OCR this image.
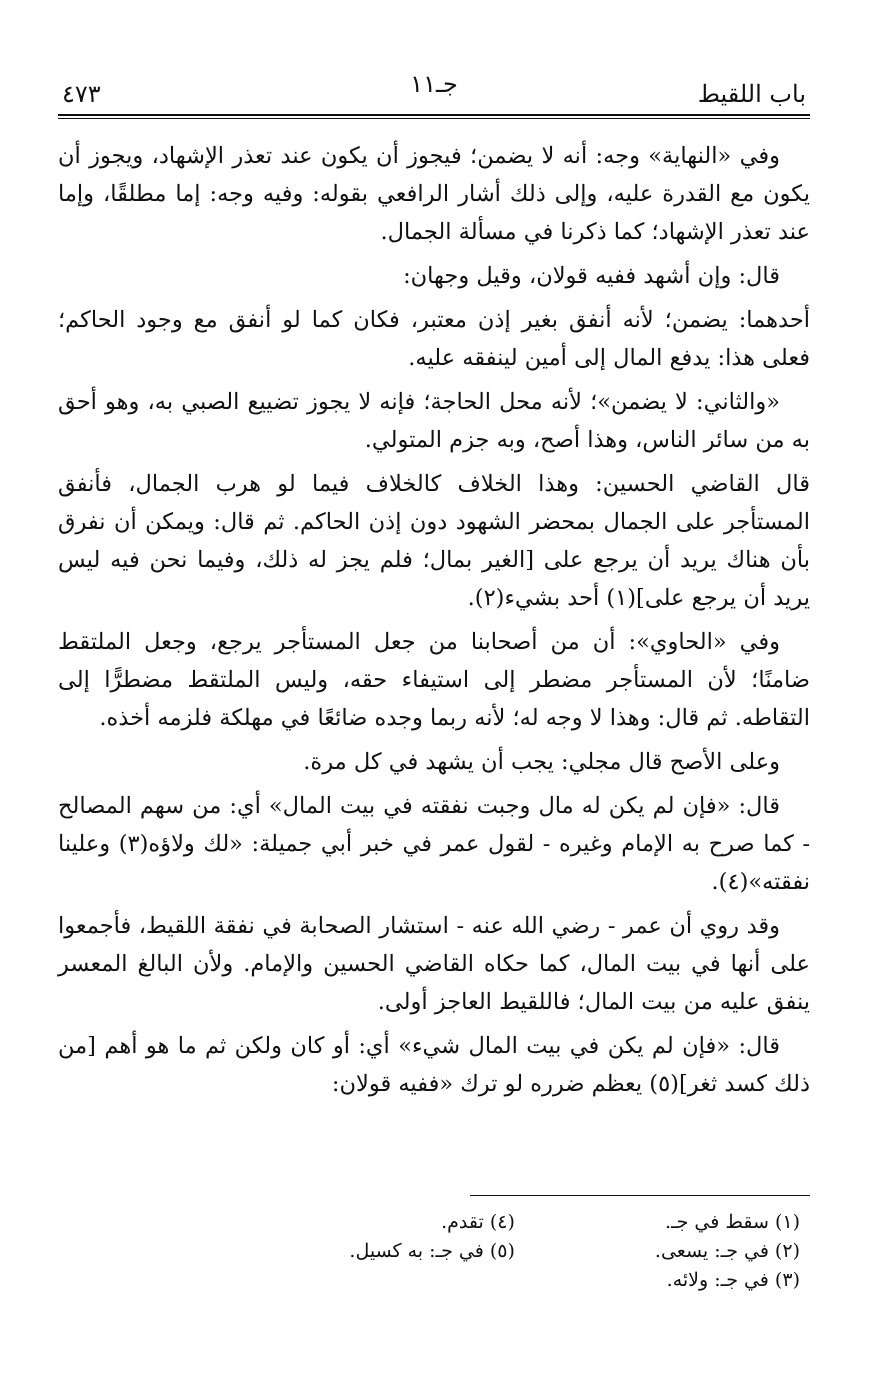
باب اللقيط
جـ١١
٤٧٣

وفي «النهاية» وجه: أنه لا يضمن؛ فيجوز أن يكون عند تعذر الإشهاد، ويجوز أن يكون مع القدرة عليه، وإلى ذلك أشار الرافعي بقوله: وفيه وجه: إما مطلقًا، وإما عند تعذر الإشهاد؛ كما ذكرنا في مسألة الجمال.

قال: وإن أشهد ففيه قولان، وقيل وجهان:

أحدهما: يضمن؛ لأنه أنفق بغير إذن معتبر، فكان كما لو أنفق مع وجود الحاكم؛ فعلى هذا: يدفع المال إلى أمين لينفقه عليه.

«والثاني: لا يضمن»؛ لأنه محل الحاجة؛ فإنه لا يجوز تضييع الصبي به، وهو أحق به من سائر الناس، وهذا أصح، وبه جزم المتولي.

قال القاضي الحسين: وهذا الخلاف كالخلاف فيما لو هرب الجمال، فأنفق المستأجر على الجمال بمحضر الشهود دون إذن الحاكم. ثم قال: ويمكن أن نفرق بأن هناك يريد أن يرجع على [الغير بمال؛ فلم يجز له ذلك، وفيما نحن فيه ليس يريد أن يرجع على](١) أحد بشيء(٢).

وفي «الحاوي»: أن من أصحابنا من جعل المستأجر يرجع، وجعل الملتقط ضامنًا؛ لأن المستأجر مضطر إلى استيفاء حقه، وليس الملتقط مضطرًّا إلى التقاطه. ثم قال: وهذا لا وجه له؛ لأنه ربما وجده ضائعًا في مهلكة فلزمه أخذه.

وعلى الأصح قال مجلي: يجب أن يشهد في كل مرة.

قال: «فإن لم يكن له مال وجبت نفقته في بيت المال» أي: من سهم المصالح - كما صرح به الإمام وغيره - لقول عمر في خبر أبي جميلة: «لك ولاؤه(٣) وعلينا نفقته»(٤).

وقد روي أن عمر - رضي الله عنه - استشار الصحابة في نفقة اللقيط، فأجمعوا على أنها في بيت المال، كما حكاه القاضي الحسين والإمام. ولأن البالغ المعسر ينفق عليه من بيت المال؛ فاللقيط العاجز أولى.

قال: «فإن لم يكن في بيت المال شيء» أي: أو كان ولكن ثم ما هو أهم [من ذلك كسد ثغر](٥) يعظم ضرره لو ترك «ففيه قولان:

(١) سقط في جـ.
(٢) في جـ: يسعى.
(٣) في جـ: ولائه.
(٤) تقدم.
(٥) في جـ: به كسيل.
